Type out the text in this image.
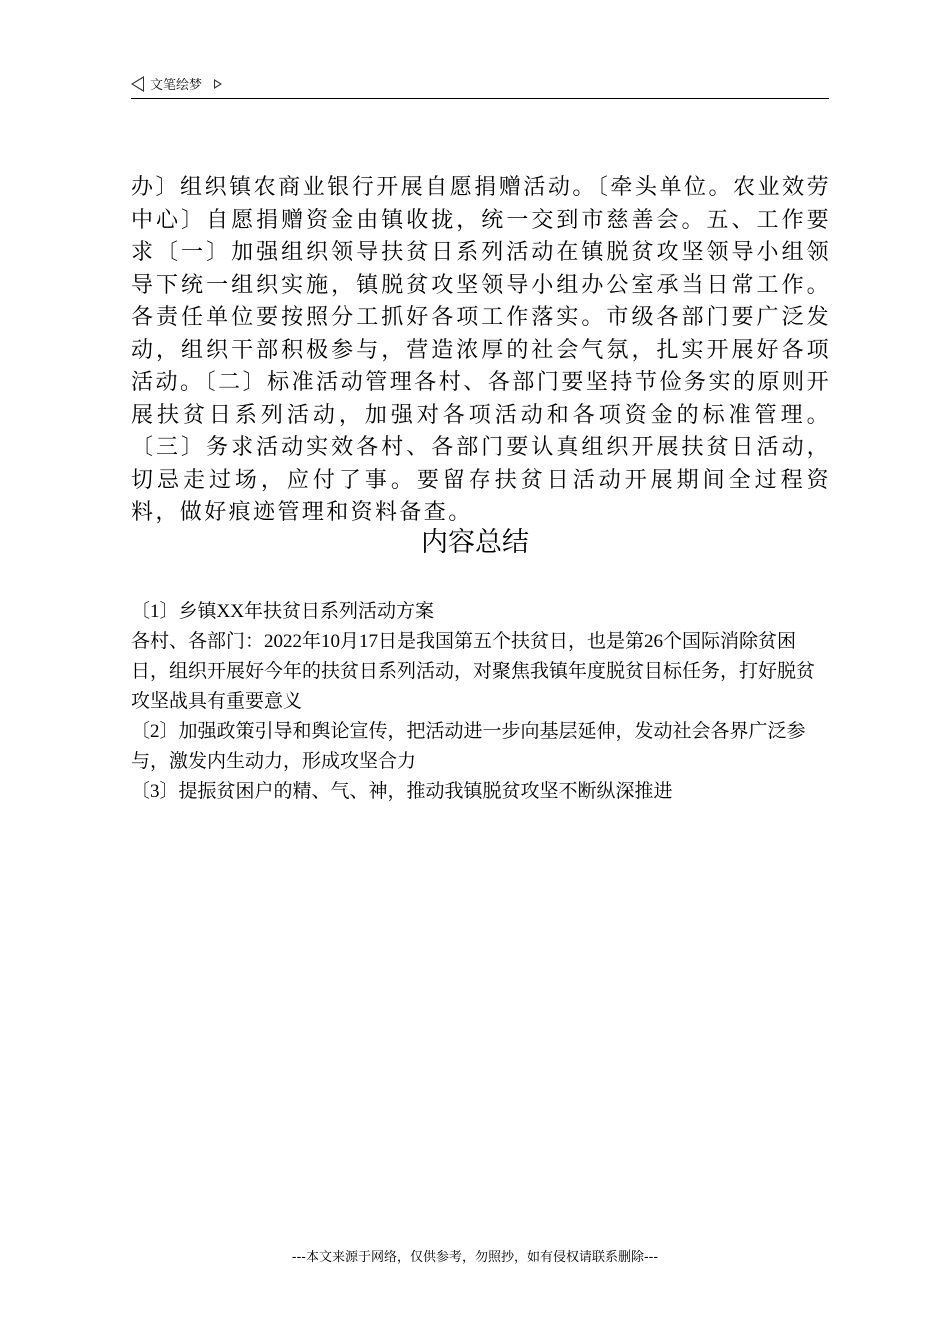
文笔绘梦
办〕组织镇农商业银行开展自愿捐赠活动。〔牵头单位。农业效劳中心〕自愿捐赠资金由镇收拢，统一交到市慈善会。五、工作要求〔一〕加强组织领导扶贫日系列活动在镇脱贫攻坚领导小组领导下统一组织实施，镇脱贫攻坚领导小组办公室承当日常工作。各责任单位要按照分工抓好各项工作落实。市级各部门要广泛发动，组织干部积极参与，营造浓厚的社会气氛，扎实开展好各项活动。〔二〕标准活动管理各村、各部门要坚持节俭务实的原则开展扶贫日系列活动，加强对各项活动和各项资金的标准管理。〔三〕务求活动实效各村、各部门要认真组织开展扶贫日活动，切忌走过场，应付了事。要留存扶贫日活动开展期间全过程资料，做好痕迹管理和资料备查。
内容总结

〔1〕乡镇XX年扶贫日系列活动方案

各村、各部门：2022年10月17日是我国第五个扶贫日，也是第26个国际消除贫困日，组织开展好今年的扶贫日系列活动，对聚焦我镇年度脱贫目标任务，打好脱贫攻坚战具有重要意义

〔2〕加强政策引导和舆论宣传，把活动进一步向基层延伸，发动社会各界广泛参与，激发内生动力，形成攻坚合力

〔3〕提振贫困户的精、气、神，推动我镇脱贫攻坚不断纵深推进

---本文来源于网络，仅供参考，勿照抄，如有侵权请联系删除---
